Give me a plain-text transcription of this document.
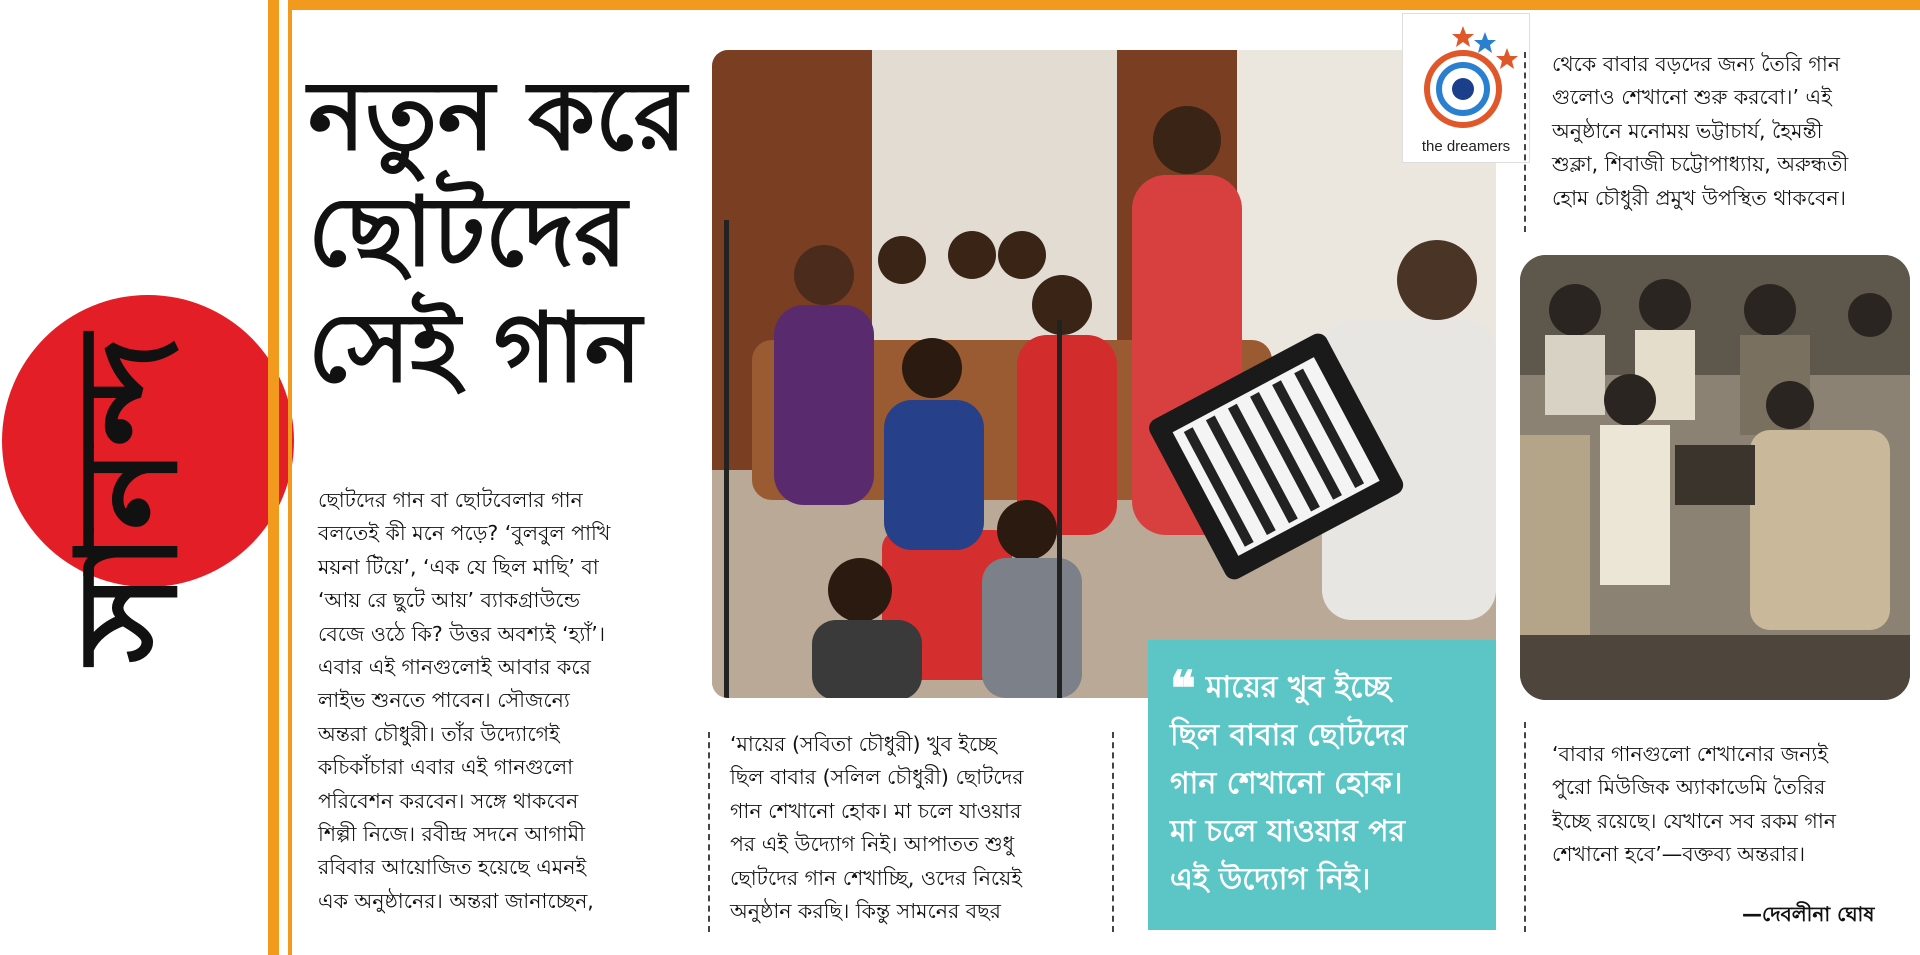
সানন্দ
নতুন করে
ছোটদের
সেই গান
the dreamers

ছোটদের গান বা ছোটবেলার গান

বলতেই কী মনে পড়ে? ‘বুলবুল পাখি

ময়না টিয়ে’, ‘এক যে ছিল মাছি’ বা

‘আয় রে ছুটে আয়’ ব্যাকগ্রাউন্ডে

বেজে ওঠে কি? উত্তর অবশ্যই ‘হ্যাঁ’।

এবার এই গানগুলোই আবার করে

লাইভ শুনতে পাবেন। সৌজন্যে

অন্তরা চৌধুরী। তাঁর উদ্যোগেই

কচিকাঁচারা এবার এই গানগুলো

পরিবেশন করবেন। সঙ্গে থাকবেন

শিল্পী নিজে। রবীন্দ্র সদনে আগামী

রবিবার আয়োজিত হয়েছে এমনই

এক অনুষ্ঠানের। অন্তরা জানাচ্ছেন,

‘মায়ের (সবিতা চৌধুরী) খুব ইচ্ছে

ছিল বাবার (সলিল চৌধুরী) ছোটদের

গান শেখানো হোক। মা চলে যাওয়ার

পর এই উদ্যোগ নিই। আপাতত শুধু

ছোটদের গান শেখাচ্ছি, ওদের নিয়েই

অনুষ্ঠান করছি। কিন্তু সামনের বছর

❝ মায়ের খুব ইচ্ছে
ছিল বাবার ছোটদের
গান শেখানো হোক।
মা চলে যাওয়ার পর
এই উদ্যোগ নিই।

থেকে বাবার বড়দের জন্য তৈরি গান

গুলোও শেখানো শুরু করবো।’ এই

অনুষ্ঠানে মনোময় ভট্টাচার্য, হৈমন্তী

শুক্লা, শিবাজী চট্টোপাধ্যায়, অরুন্ধতী

হোম চৌধুরী প্রমুখ উপস্থিত থাকবেন।

‘বাবার গানগুলো শেখানোর জন্যই

পুরো মিউজিক অ্যাকাডেমি তৈরির

ইচ্ছে রয়েছে। যেখানে সব রকম গান

শেখানো হবে’—বক্তব্য অন্তরার।

—দেবলীনা ঘোষ
